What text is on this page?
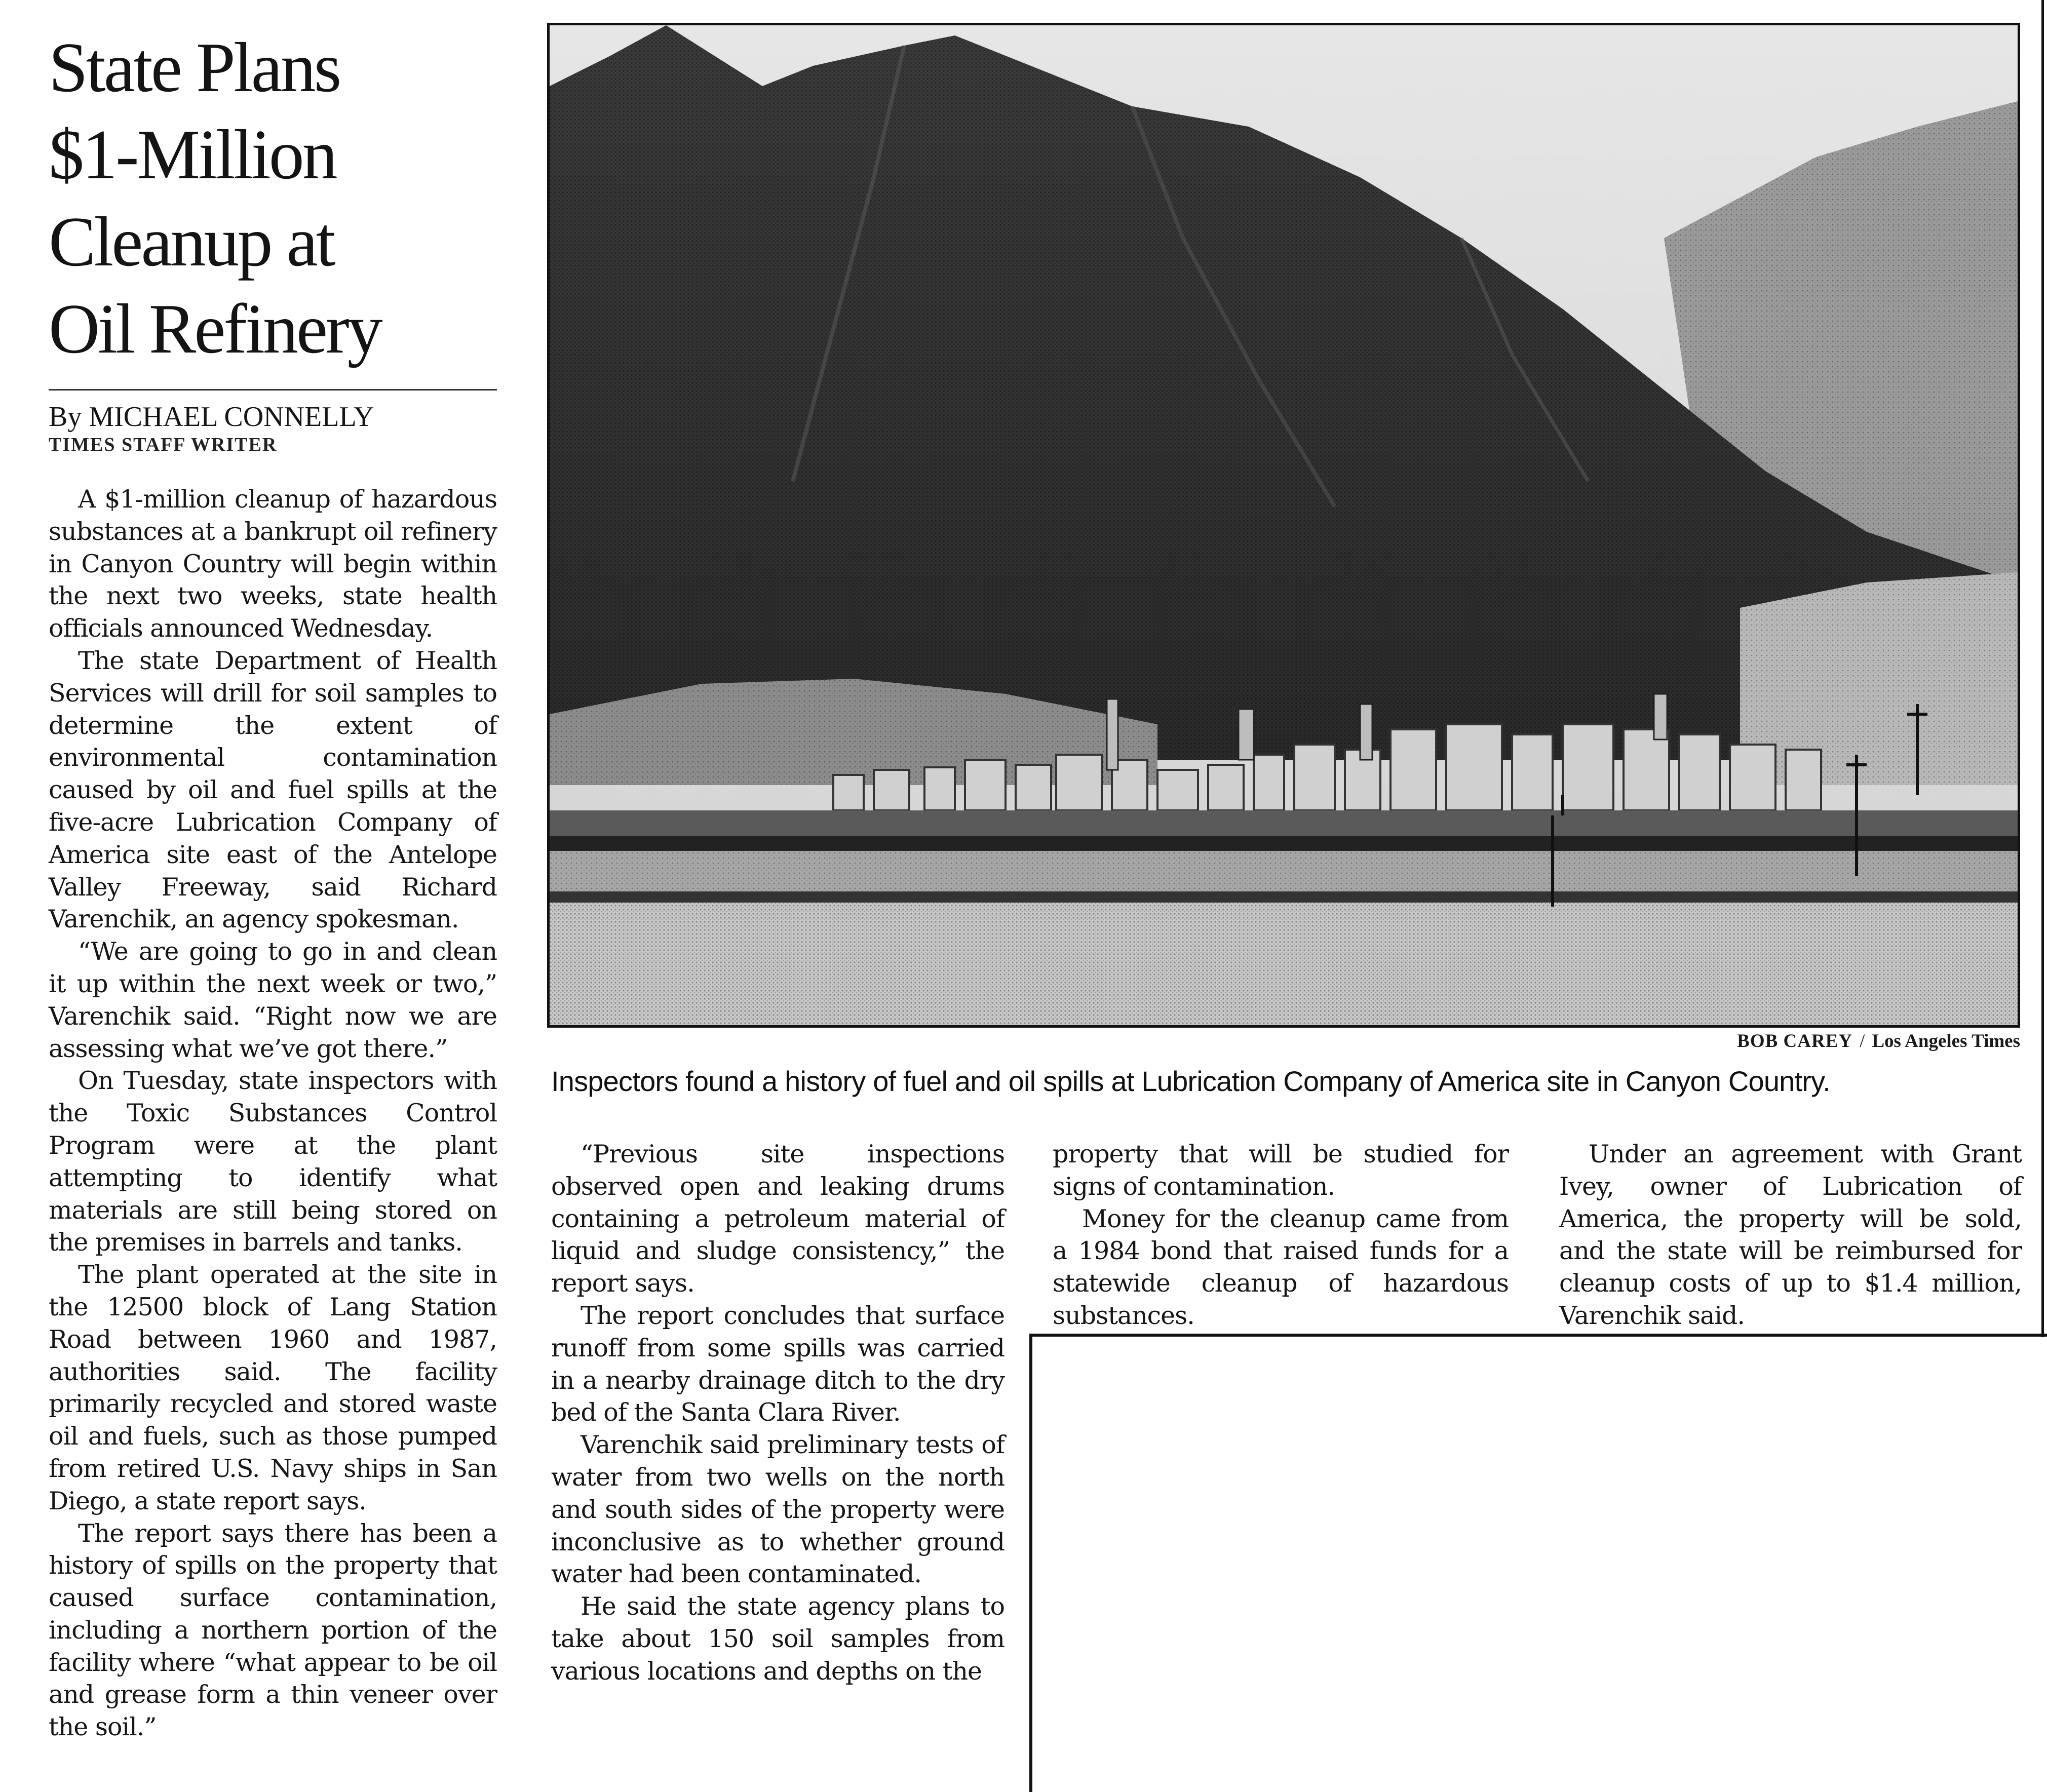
State Plans
$1-Million
Cleanup at
Oil Refinery
By MICHAEL CONNELLY
TIMES STAFF WRITER

A $1-million cleanup of hazardous substances at a bankrupt oil refinery in Canyon Country will begin within the next two weeks, state health officials announced Wednesday.

The state Department of Health Services will drill for soil samples to determine the extent of environmental contamination caused by oil and fuel spills at the five-acre Lubrication Company of America site east of the Antelope Valley Freeway, said Richard Varenchik, an agency spokesman.

“We are going to go in and clean it up within the next week or two,” Varenchik said. “Right now we are assessing what we’ve got there.”

On Tuesday, state inspectors with the Toxic Substances Control Program were at the plant attempting to identify what materials are still being stored on the premises in barrels and tanks.

The plant operated at the site in the 12500 block of Lang Station Road between 1960 and 1987, authorities said. The facility primarily recycled and stored waste oil and fuels, such as those pumped from retired U.S. Navy ships in San Diego, a state report says.

The report says there has been a history of spills on the property that caused surface contamination, including a northern portion of the facility where “what appear to be oil and grease form a thin veneer over the soil.”

BOB CAREY / Los Angeles Times
Inspectors found a history of fuel and oil spills at Lubrication Company of America site in Canyon Country.

“Previous site inspections observed open and leaking drums containing a petroleum material of liquid and sludge consistency,” the report says.

The report concludes that surface runoff from some spills was carried in a nearby drainage ditch to the dry bed of the Santa Clara River.

Varenchik said preliminary tests of water from two wells on the north and south sides of the property were inconclusive as to whether ground water had been contaminated.

He said the state agency plans to take about 150 soil samples from various locations and depths on the

property that will be studied for signs of contamination.

Money for the cleanup came from a 1984 bond that raised funds for a statewide cleanup of hazardous substances.

Under an agreement with Grant Ivey, owner of Lubrication of America, the property will be sold, and the state will be reimbursed for cleanup costs of up to $1.4 million, Varenchik said.
